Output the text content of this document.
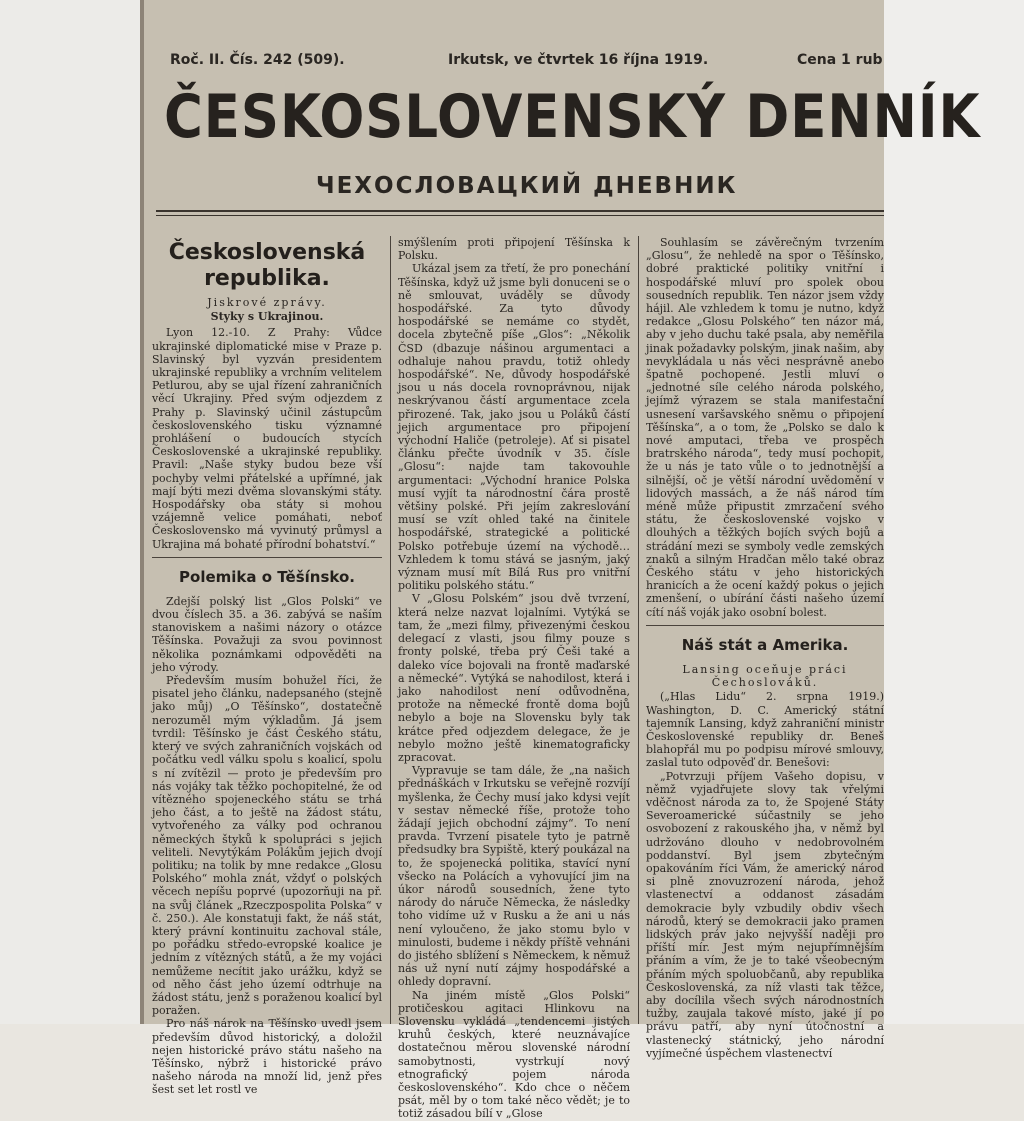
Roč. II. Čís. 242 (509).	Irkutsk, ve čtvrtek 16 října 1919.	Cena 1 rub
ČESKOSLOVENSKÝ DENNÍK
ЧЕХОСЛОВАЦКИЙ ДНЕВНИК
Československá republika.
Jiskrové zprávy.
Styky s Ukrajinou.

Lyon 12.-10. Z Prahy: Vůdce ukrajinské diplomatické mise v Praze p. Slavinský byl vyzván presidentem ukrajinské republiky a vrchním velitelem Petlurou, aby se ujal řízení zahraničních věcí Ukrajiny. Před svým odjezdem z Prahy p. Slavinský učinil zástupcům československého tisku významné prohlášení o budoucích stycích Československé a ukrajinské republiky. Pravil: „Naše styky budou beze vší pochyby velmi přátelské a upřímné, jak mají býti mezi dvěma slovanskými státy. Hospodářsky oba státy si mohou vzájemně velice pomáhati, neboť Československo má vyvinutý průmysl a Ukrajina má bohaté přírodní bohatství.“

Polemika o Těšínsko.

Zdejší polský list „Glos Polski“ ve dvou číslech 35. a 36. zabývá se naším stanoviskem a našimi názory o otázce Těšínska. Považuji za svou povinnost několika poznámkami odpověděti na jeho výrody.

Především musím bohužel říci, že pisatel jeho článku, nadepsaného (stejně jako můj) „O Těšínsko“, dostatečně nerozuměl mým výkladům. Já jsem tvrdil: Těšínsko je část Českého státu, který ve svých zahraničních vojskách od počátku vedl válku spolu s koalicí, spolu s ní zvítězil — proto je především pro nás vojáky tak těžko pochopitelné, že od vítězného spojeneckého státu se trhá jeho část, a to ještě na žádost státu, vytvořeného za války pod ochranou německých štyků k spolupráci s jejich veliteli. Nevytýkám Polákům jejich dvojí politiku; na tolik by mne redakce „Glosu Polského“ mohla znát, vždyť o polských věcech nepíšu poprvé (upozorňuji na př. na svůj článek „Rzeczpospolita Polska“ v č. 250.). Ale konstatuji fakt, že náš stát, který právní kontinuitu zachoval stále, po pořádku středo-evropské koalice je jedním z vítězných států, a že my vojáci nemůžeme necítit jako urážku, když se od něho část jeho území odtrhuje na žádost státu, jenž s poraženou koalicí byl poražen.

Pro náš nárok na Těšínsko uvedl jsem především důvod historický, a doložil nejen historické právo státu našeho na Těšínsko, nýbrž i historické právo našeho národa na množí lid, jenž přes šest set let rostl ve

smýšlením proti připojení Těšínska k Polsku.

Ukázal jsem za třetí, že pro ponechání Těšínska, když už jsme byli donuceni se o ně smlouvat, uváděly se důvody hospodářské. Za tyto důvody hospodářské se nemáme co stydět, docela zbytečně píše „Glos“: „Několik ČSD (dbazuje nášinou argumentaci a odhaluje nahou pravdu, totiž ohledy hospodářské“. Ne, důvody hospodářské jsou u nás docela rovnoprávnou, nijak neskrývanou částí argumentace zcela přirozené. Tak, jako jsou u Poláků částí jejich argumentace pro připojení východní Haliče (petroleje). Ať si pisatel článku přečte úvodník v 35. čísle „Glosu“: najde tam takovouhle argumentaci: „Východní hranice Polska musí vyjít ta národnostní čára prostě většiny polské. Při jejím zakreslování musí se vzít ohled také na činitele hospodářské, strategické a politické Polsko potřebuje území na východě… Vzhledem k tomu stává se jasným, jaký význam musí mít Bílá Rus pro vnitřní politiku polského státu.“

V „Glosu Polském“ jsou dvě tvrzení, která nelze nazvat lojalními. Vytýká se tam, že „mezi filmy, přivezenými českou delegací z vlasti, jsou filmy pouze s fronty polské, třeba prý Češi také a daleko více bojovali na frontě maďarské a německé“. Vytýká se nahodilost, která i jako nahodilost není odůvodněna, protože na německé frontě doma bojů nebylo a boje na Slovensku byly tak krátce před odjezdem delegace, že je nebylo možno ještě kinematograficky zpracovat.

Vypravuje se tam dále, že „na našich přednáškách v Irkutsku se veřejně rozvíjí myšlenka, že Čechy musí jako kdysi vejít v sestav německé říše, protože toho žádají jejich obchodní zájmy“. To není pravda. Tvrzení pisatele tyto je patrně předsudky bra Sypiště, který poukázal na to, že spojenecká politika, stavící nyní všecko na Polácích a vyhovující jim na úkor národů sousedních, žene tyto národy do náruče Německa, že následky toho vidíme už v Rusku a že ani u nás není vyloučeno, že jako stomu bylo v minulosti, budeme i někdy příště vehnáni do jistého sblížení s Německem, k němuž nás už nyní nutí zájmy hospodářské a ohledy dopravní.

Na jiném místě „Glos Polski“ protičeskou agitaci Hlinkovu na Slovensku vykládá „tendencemi jistých kruhů českých, které neuznávajíce dostatečnou měrou slovenské národní samobytnosti, vystrkují nový etnografický pojem národa československého“. Kdo chce o něčem psát, měl by o tom také něco vědět; je to totiž zásadou bílí v „Glose

Souhlasím se závěrečným tvrzením „Glosu“, že nehledě na spor o Těšínsko, dobré praktické politiky vnitřní i hospodářské mluví pro spolek obou sousedních republik. Ten názor jsem vždy hájil. Ale vzhledem k tomu je nutno, když redakce „Glosu Polského“ ten názor má, aby v jeho duchu také psala, aby neměřila jinak požadavky polským, jinak našim, aby nevykládala u nás věci nesprávně anebo špatně pochopené. Jestli mluví o „jednotné síle celého národa polského, jejímž výrazem se stala manifestační usnesení varšavského sněmu o připojení Těšínska“, a o tom, že „Polsko se dalo k nové amputaci, třeba ve prospěch bratrského národa“, tedy musí pochopit, že u nás je tato vůle o to jednotnější a silnější, oč je větší národní uvědomění v lidových massách, a že náš národ tím méně může připustit zmrzačení svého státu, že československé vojsko v dlouhých a těžkých bojích svých bojů a strádání mezi se symboly vedle zemských znaků a silným Hradčan mělo také obraz Českého státu v jeho historických hranicích a že ocení každý pokus o jejich zmenšení, o ubírání části našeho území cítí náš voják jako osobní bolest.

Náš stát a Amerika.
Lansing oceňuje práci Čechoslováků.

(„Hlas Lidu“ 2. srpna 1919.) Washington, D. C. Americký státní tajemník Lansing, když zahraniční ministr Československé republiky dr. Beneš blahopřál mu po podpisu mírové smlouvy, zaslal tuto odpověď dr. Benešovi:

„Potvrzuji příjem Vašeho dopisu, v němž vyjadřujete slovy tak vřelými vděčnost národa za to, že Spojené Státy Severoamerické súčastnily se jeho osvobození z rakouského jha, v němž byl udržováno dlouho v nedobrovolném poddanství. Byl jsem zbytečným opakováním říci Vám, že americký národ si plně znovuzrození národa, jehož vlastenectví a oddanost zásadám demokracie byly vzbudily obdiv všech národů, který se demokracii jako pramen lidských práv jako nejvyšší naději pro příští mír. Jest mým nejupřímnějším přáním a vím, že je to také všeobecným přáním mých spoluobčanů, aby republika Československá, za níž vlasti tak těžce, aby docílila všech svých národnostních tužby, zaujala takové místo, jaké jí po právu patří, aby nyní útočnostní a vlastenecký státnický, jeho národní vyjímečné úspěchem vlastenectví
